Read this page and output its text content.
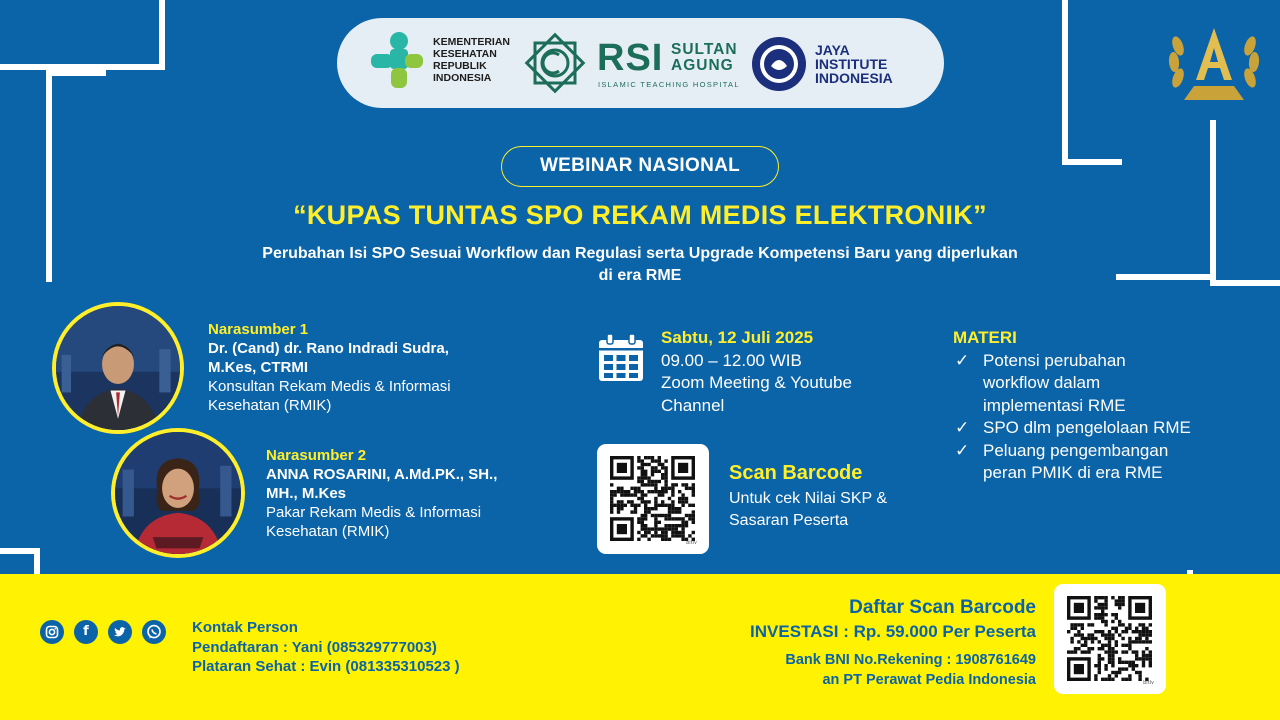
KEMENTERIAN
KESEHATAN
REPUBLIK
INDONESIA	RSI SULTAN
AGUNG
ISLAMIC TEACHING HOSPITAL
JAYA
INSTITUTE
INDONESIA
WEBINAR NASIONAL
“KUPAS TUNTAS SPO REKAM MEDIS ELEKTRONIK”
Perubahan Isi SPO Sesuai Workflow dan Regulasi serta Upgrade Kompetensi Baru yang diperlukan
di era RME
Narasumber 1
Dr. (Cand) dr. Rano Indradi Sudra,
M.Kes, CTRMI
Konsultan Rekam Medis & Informasi
Kesehatan (RMIK)
Narasumber 2
ANNA ROSARINI, A.Md.PK., SH.,
MH., M.Kes
Pakar Rekam Medis & Informasi
Kesehatan (RMIK)
Sabtu, 12 Juli 2025
09.00 – 12.00 WIB
Zoom Meeting & Youtube
Channel
MATERI
✓ Potensi perubahan
workflow dalam
implementasi RME
✓ SPO dlm pengelolaan RME
✓ Peluang pengembangan
peran PMIK di era RME
bitly
Scan Barcode
Untuk cek Nilai SKP &
Sasaran Peserta
f	Kontak Person
Pendaftaran : Yani (085329777003)
Plataran Sehat : Evin (081335310523 )
Daftar Scan Barcode
INVESTASI : Rp. 59.000 Per Peserta
Bank BNI No.Rekening : 1908761649
an PT Perawat Pedia Indonesia	bitly
